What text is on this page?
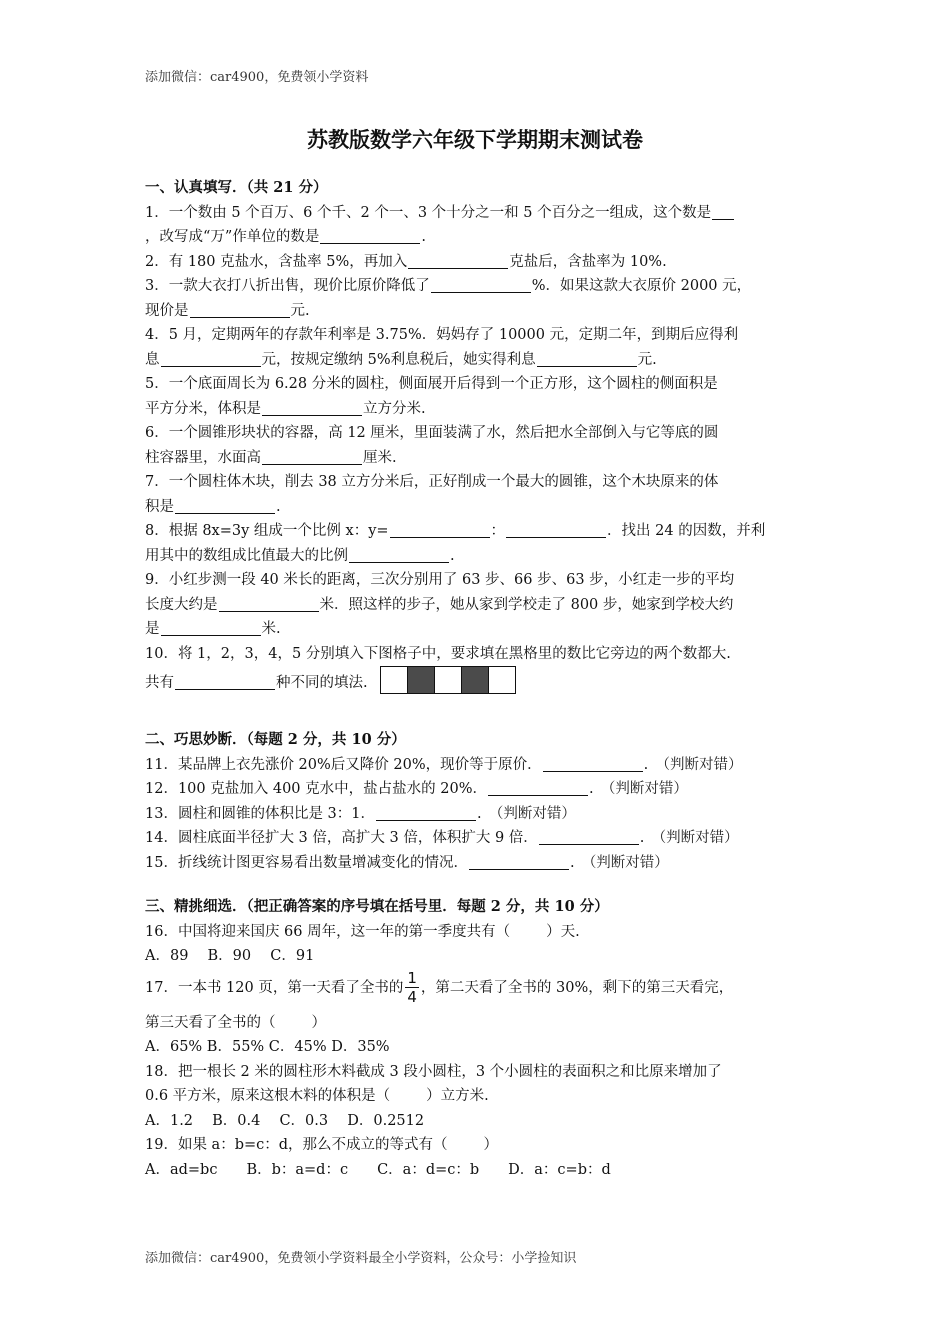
添加微信：car4900，免费领小学资料
苏教版数学六年级下学期期末测试卷
一、认真填写．（共 21 分）
1．一个数由 5 个百万、6 个千、2 个一、3 个十分之一和 5 个百分之一组成，这个数是
，改写成“万”作单位的数是	.
2．有 180 克盐水，含盐率 5%，再加入	克盐后，含盐率为 10%.
3．一款大衣打八折出售，现价比原价降低了	%．如果这款大衣原价 2000 元，
现价是	元.
4．5 月，定期两年的存款年利率是 3.75%．妈妈存了 10000 元，定期二年，到期后应得利
息	元，按规定缴纳 5%利息税后，她实得利息	元.
5．一个底面周长为 6.28 分米的圆柱，侧面展开后得到一个正方形，这个圆柱的侧面积是
平方分米，体积是	立方分米.
6．一个圆锥形块状的容器，高 12 厘米，里面装满了水，然后把水全部倒入与它等底的圆
柱容器里，水面高	厘米.
7．一个圆柱体木块，削去 38 立方分米后，正好削成一个最大的圆锥，这个木块原来的体
积是	.
8．根据 8x=3y 组成一个比例 x：y=	：	．找出 24 的因数，并利
用其中的数组成比值最大的比例	.
9．小红步测一段 40 米长的距离，三次分别用了 63 步、66 步、63 步，小红走一步的平均
长度大约是	米．照这样的步子，她从家到学校走了 800 步，她家到学校大约
是	米.
10．将 1，2，3，4，5 分别填入下图格子中，要求填在黑格里的数比它旁边的两个数都大.
共有	种不同的填法.
二、巧思妙断．（每题 2 分，共 10 分）
11．某品牌上衣先涨价 20%后又降价 20%，现价等于原价．	.　 （判断对错）
12．100 克盐加入 400 克水中，盐占盐水的 20%．	.　 （判断对错）
13．圆柱和圆锥的体积比是 3：1．	.　 （判断对错）
14．圆柱底面半径扩大 3 倍，高扩大 3 倍，体积扩大 9 倍．	.　 （判断对错）
15．折线统计图更容易看出数量增减变化的情况．	.　 （判断对错）
三、精挑细选．（把正确答案的序号填在括号里．每题 2 分，共 10 分）
16．中国将迎来国庆 66 周年，这一年的第一季度共有（ ）天.
A．89　 B．90　 C．91
17．一本书 120 页，第一天看了全书的 $\frac{1}{4}$ ，第二天看了全书的 30%，剩下的第三天看完，
第三天看了全书的（ ）
A．65% B．55% C．45% D．35%
18．把一根长 2 米的圆柱形木料截成 3 段小圆柱，3 个小圆柱的表面积之和比原来增加了
0.6 平方米，原来这根木料的体积是（ ）立方米.
A．1.2　 B．0.4　 C．0.3　 D．0.2512
19．如果 a：b=c：d，那么不成立的等式有（ ）
A．ad=bc　　B．b：a=d：c　　C．a：d=c：b　　D．a：c=b：d
添加微信：car4900，免费领小学资料最全小学资料，公众号：小学捡知识
